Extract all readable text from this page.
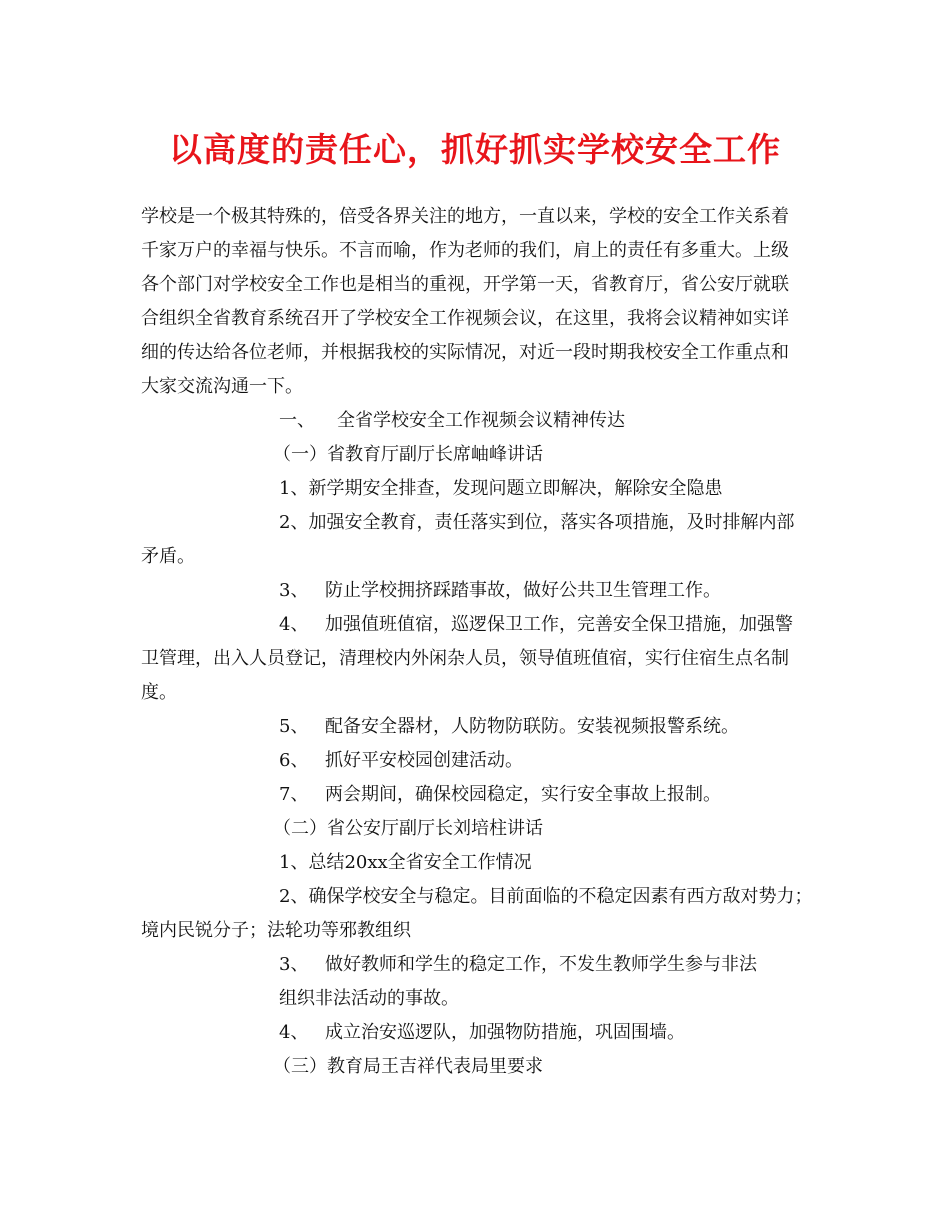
以高度的责任心，抓好抓实学校安全工作
学校是一个极其特殊的，倍受各界关注的地方，一直以来，学校的安全工作关系着
千家万户的幸福与快乐。不言而喻，作为老师的我们，肩上的责任有多重大。上级
各个部门对学校安全工作也是相当的重视，开学第一天，省教育厅，省公安厅就联
合组织全省教育系统召开了学校安全工作视频会议，在这里，我将会议精神如实详
细的传达给各位老师，并根据我校的实际情况，对近一段时期我校安全工作重点和
大家交流沟通一下。
一、 全省学校安全工作视频会议精神传达
（一）省教育厅副厅长席岫峰讲话
1、新学期安全排查，发现问题立即解决，解除安全隐患
2、加强安全教育，责任落实到位，落实各项措施，及时排解内部
矛盾。
3、 防止学校拥挤踩踏事故，做好公共卫生管理工作。
4、 加强值班值宿，巡逻保卫工作，完善安全保卫措施，加强警
卫管理，出入人员登记，清理校内外闲杂人员，领导值班值宿，实行住宿生点名制
度。
5、 配备安全器材，人防物防联防。安装视频报警系统。
6、 抓好平安校园创建活动。
7、 两会期间，确保校园稳定，实行安全事故上报制。
（二）省公安厅副厅长刘培柱讲话
1、总结20xx全省安全工作情况
2、确保学校安全与稳定。目前面临的不稳定因素有西方敌对势力；
境内民锐分子；法轮功等邪教组织
3、 做好教师和学生的稳定工作，不发生教师学生参与非法
组织非法活动的事故。
4、 成立治安巡逻队，加强物防措施，巩固围墙。
（三）教育局王吉祥代表局里要求
